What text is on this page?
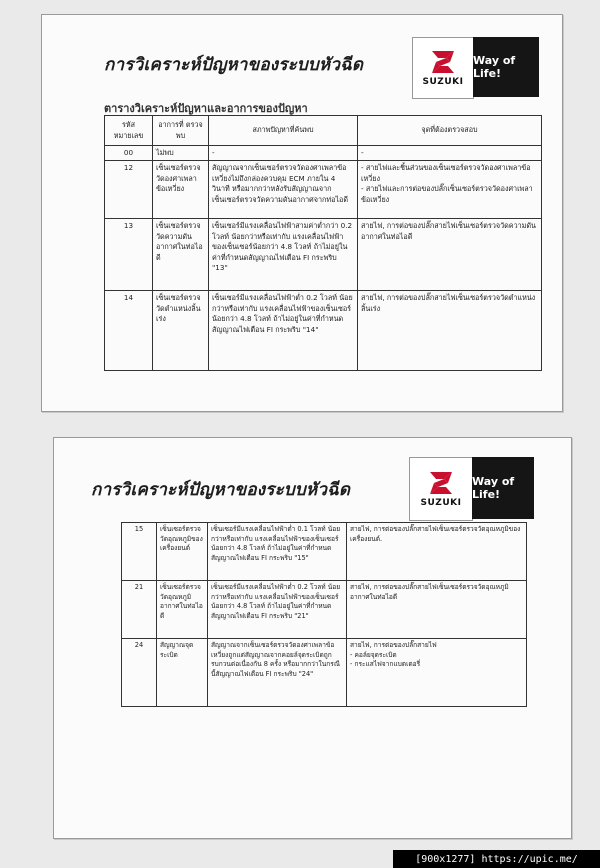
การวิเคราะห์ปัญหาของระบบหัวฉีด
SUZUKI
Way of Life!
ตารางวิเคราะห์ปัญหาและอาการของปัญหา
รหัส หมายเลข	อาการที่ ตรวจพบ	สภาพปัญหาที่ค้นพบ	จุดที่ต้องตรวจสอบ
00	ไม่พบ	-	-
12	เซ็นเซอร์ตรวจวัดองศาเพลาข้อเหวี่ยง	สัญญาณจากเซ็นเซอร์ตรวจวัดองศาเพลาข้อเหวี่ยงไม่ถึงกล่องควบคุม ECM ภายใน 4 วินาที หรือมากกว่าหลังรับสัญญาณจากเซ็นเซอร์ตรวจวัดความดันอากาศจากท่อไอดี	- สายไฟและชิ้นส่วนของเซ็นเซอร์ตรวจวัดองศาเพลาข้อเหวี่ยง
- สายไฟและการต่อของปลั๊กเซ็นเซอร์ตรวจวัดองศาเพลาข้อเหวี่ยง

13	เซ็นเซอร์ตรวจวัดความดันอากาศในท่อไอดี	เซ็นเซอร์มีแรงเคลื่อนไฟฟ้าสามค่าต่ำกว่า 0.2 โวลท์ น้อยกว่าหรือเท่ากับ แรงเคลื่อนไฟฟ้าของเซ็นเซอร์น้อยกว่า 4.8 โวลท์ ถ้าไม่อยู่ในค่าที่กำหนดสัญญาณไฟเตือน FI กระพริบ "13"	สายไฟ, การต่อของปลั๊กสายไฟเซ็นเซอร์ตรวจวัดความดันอากาศในท่อไอดี
14	เซ็นเซอร์ตรวจวัดตำแหน่งลิ้นเร่ง	เซ็นเซอร์มีแรงเคลื่อนไฟฟ้าต่ำ 0.2 โวลท์ น้อยกว่าหรือเท่ากับ แรงเคลื่อนไฟฟ้าของเซ็นเซอร์น้อยกว่า 4.8 โวลท์ ถ้าไม่อยู่ในค่าที่กำหนดสัญญาณไฟเตือน FI กระพริบ "14"	สายไฟ, การต่อของปลั๊กสายไฟเซ็นเซอร์ตรวจวัดตำแหน่งลิ้นเร่ง
การวิเคราะห์ปัญหาของระบบหัวฉีด
SUZUKI
Way of Life!
15	เซ็นเซอร์ตรวจวัดอุณหภูมิของเครื่องยนต์	เซ็นเซอร์มีแรงเคลื่อนไฟฟ้าต่ำ 0.1 โวลท์ น้อยกว่าหรือเท่ากับ แรงเคลื่อนไฟฟ้าของเซ็นเซอร์ น้อยกว่า 4.8 โวลท์ ถ้าไม่อยู่ในค่าที่กำหนดสัญญาณไฟเตือน FI กระพริบ "15"	สายไฟ, การต่อของปลั๊กสายไฟเซ็นเซอร์ตรวจวัดอุณหภูมิของเครื่องยนต์.
21	เซ็นเซอร์ตรวจวัดอุณหภูมิอากาศในท่อไอดี	เซ็นเซอร์มีแรงเคลื่อนไฟฟ้าต่ำ 0.2 โวลท์ น้อยกว่าหรือเท่ากับ แรงเคลื่อนไฟฟ้าของเซ็นเซอร์น้อยกว่า 4.8 โวลท์ ถ้าไม่อยู่ในค่าที่กำหนดสัญญาณไฟเตือน FI กระพริบ "21"	สายไฟ, การต่อของปลั๊กสายไฟเซ็นเซอร์ตรวจวัดอุณหภูมิอากาศในท่อไอดี
24	สัญญาณจุดระเบิด	สัญญาณจากเซ็นเซอร์ตรวจวัดองศาเพลาข้อเหวี่ยงถูกแต่สัญญาณจากคอยล์จุดระเบิดถูกรบกวนต่อเนื่องกัน 8 ครั้ง หรือมากกว่าในกรณีนี้สัญญาณไฟเตือน FI กระพริบ "24"	สายไฟ, การต่อของปลั๊กสายไฟ
- คอล์ยจุดระเบิด
- กระแสไฟจากแบตเตอรี่
[900x1277] https://upic.me/
